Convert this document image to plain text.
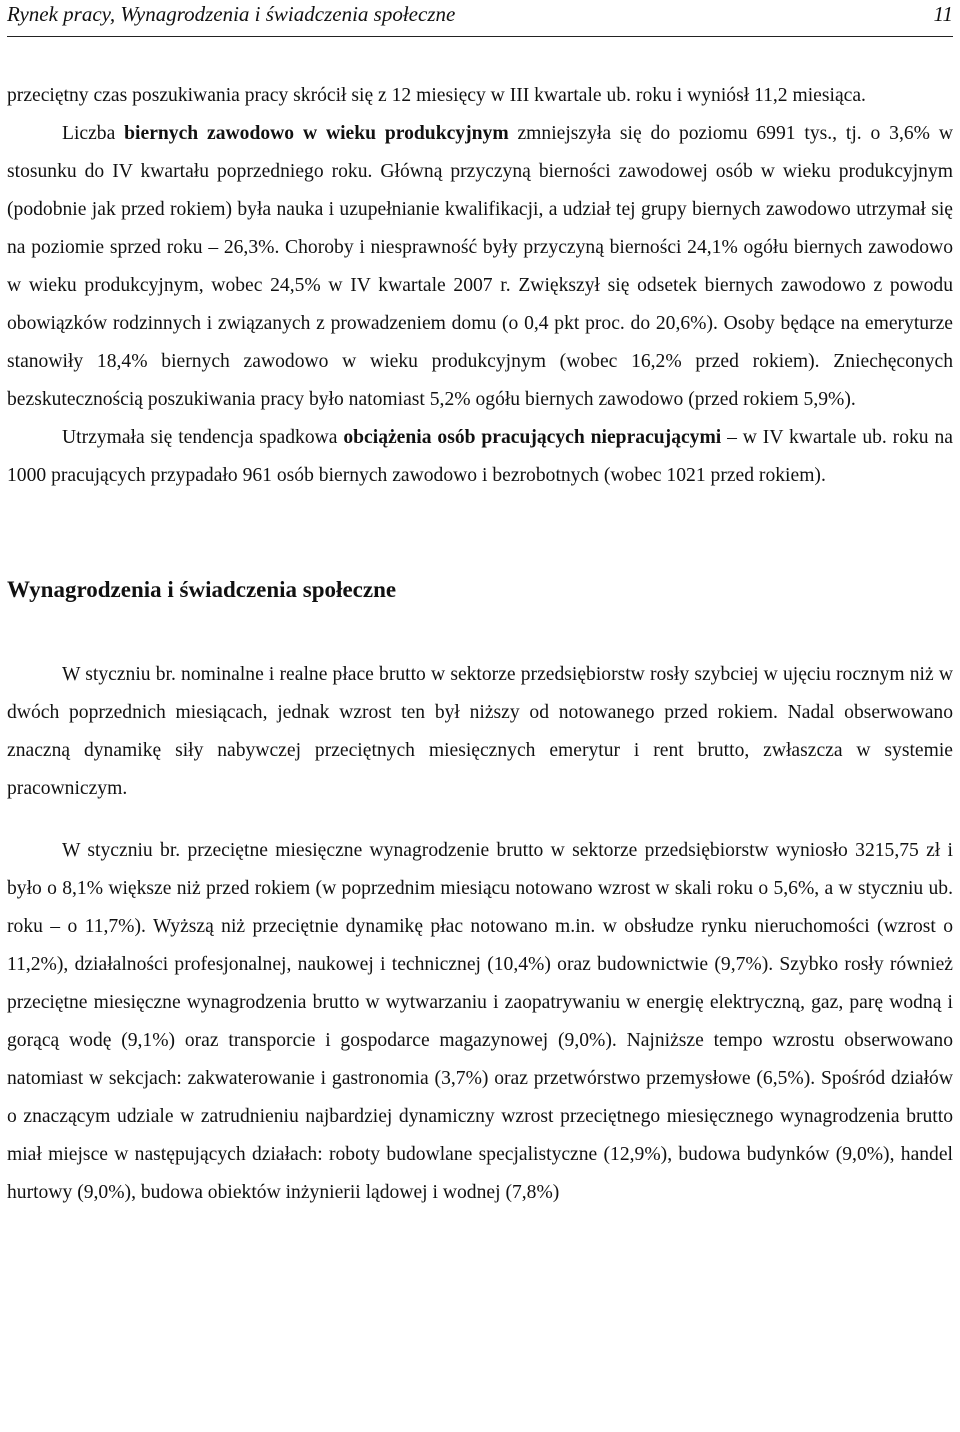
Rynek pracy, Wynagrodzenia i świadczenia społeczne	11

przeciętny czas poszukiwania pracy skrócił się z 12 miesięcy w III kwartale ub. roku i wyniósł 11,2 miesiąca.

Liczba biernych zawodowo w wieku produkcyjnym zmniejszyła się do poziomu 6991 tys., tj. o 3,6% w stosunku do IV kwartału poprzedniego roku. Główną przyczyną bierności zawodowej osób w wieku produkcyjnym (podobnie jak przed rokiem) była nauka i uzupełnianie kwalifikacji, a udział tej grupy biernych zawodowo utrzymał się na poziomie sprzed roku – 26,3%. Choroby i niesprawność były przyczyną bierności 24,1% ogółu biernych zawodowo w wieku produkcyjnym, wobec 24,5% w IV kwartale 2007 r. Zwiększył się odsetek biernych zawodowo z powodu obowiązków rodzinnych i związanych z prowadzeniem domu (o 0,4 pkt proc. do 20,6%). Osoby będące na emeryturze stanowiły 18,4% biernych zawodowo w wieku produkcyjnym (wobec 16,2% przed rokiem). Zniechęconych bezskutecznością poszukiwania pracy było natomiast 5,2% ogółu biernych zawodowo (przed rokiem 5,9%).

Utrzymała się tendencja spadkowa obciążenia osób pracujących niepracującymi – w IV kwartale ub. roku na 1000 pracujących przypadało 961 osób biernych zawodowo i bezrobotnych (wobec 1021 przed rokiem).

Wynagrodzenia i świadczenia społeczne

W styczniu br. nominalne i realne płace brutto w sektorze przedsiębiorstw rosły szybciej w ujęciu rocznym niż w dwóch poprzednich miesiącach, jednak wzrost ten był niższy od notowanego przed rokiem. Nadal obserwowano znaczną dynamikę siły nabywczej przeciętnych miesięcznych emerytur i rent brutto, zwłaszcza w systemie pracowniczym.

W styczniu br. przeciętne miesięczne wynagrodzenie brutto w sektorze przedsiębiorstw wyniosło 3215,75 zł i było o 8,1% większe niż przed rokiem (w poprzednim miesiącu notowano wzrost w skali roku o 5,6%, a w styczniu ub. roku – o 11,7%). Wyższą niż przeciętnie dynamikę płac notowano m.in. w obsłudze rynku nieruchomości (wzrost o 11,2%), działalności profesjonalnej, naukowej i technicznej (10,4%) oraz budownictwie (9,7%). Szybko rosły również przeciętne miesięczne wynagrodzenia brutto w wytwarzaniu i zaopatrywaniu w energię elektryczną, gaz, parę wodną i gorącą wodę (9,1%) oraz transporcie i gospodarce magazynowej (9,0%). Najniższe tempo wzrostu obserwowano natomiast w sekcjach: zakwaterowanie i gastronomia (3,7%) oraz przetwórstwo przemysłowe (6,5%). Spośród działów o znaczącym udziale w zatrudnieniu najbardziej dynamiczny wzrost przeciętnego miesięcznego wynagrodzenia brutto miał miejsce w następujących działach: roboty budowlane specjalistyczne (12,9%), budowa budynków (9,0%), handel hurtowy (9,0%), budowa obiektów inżynierii lądowej i wodnej (7,8%)
